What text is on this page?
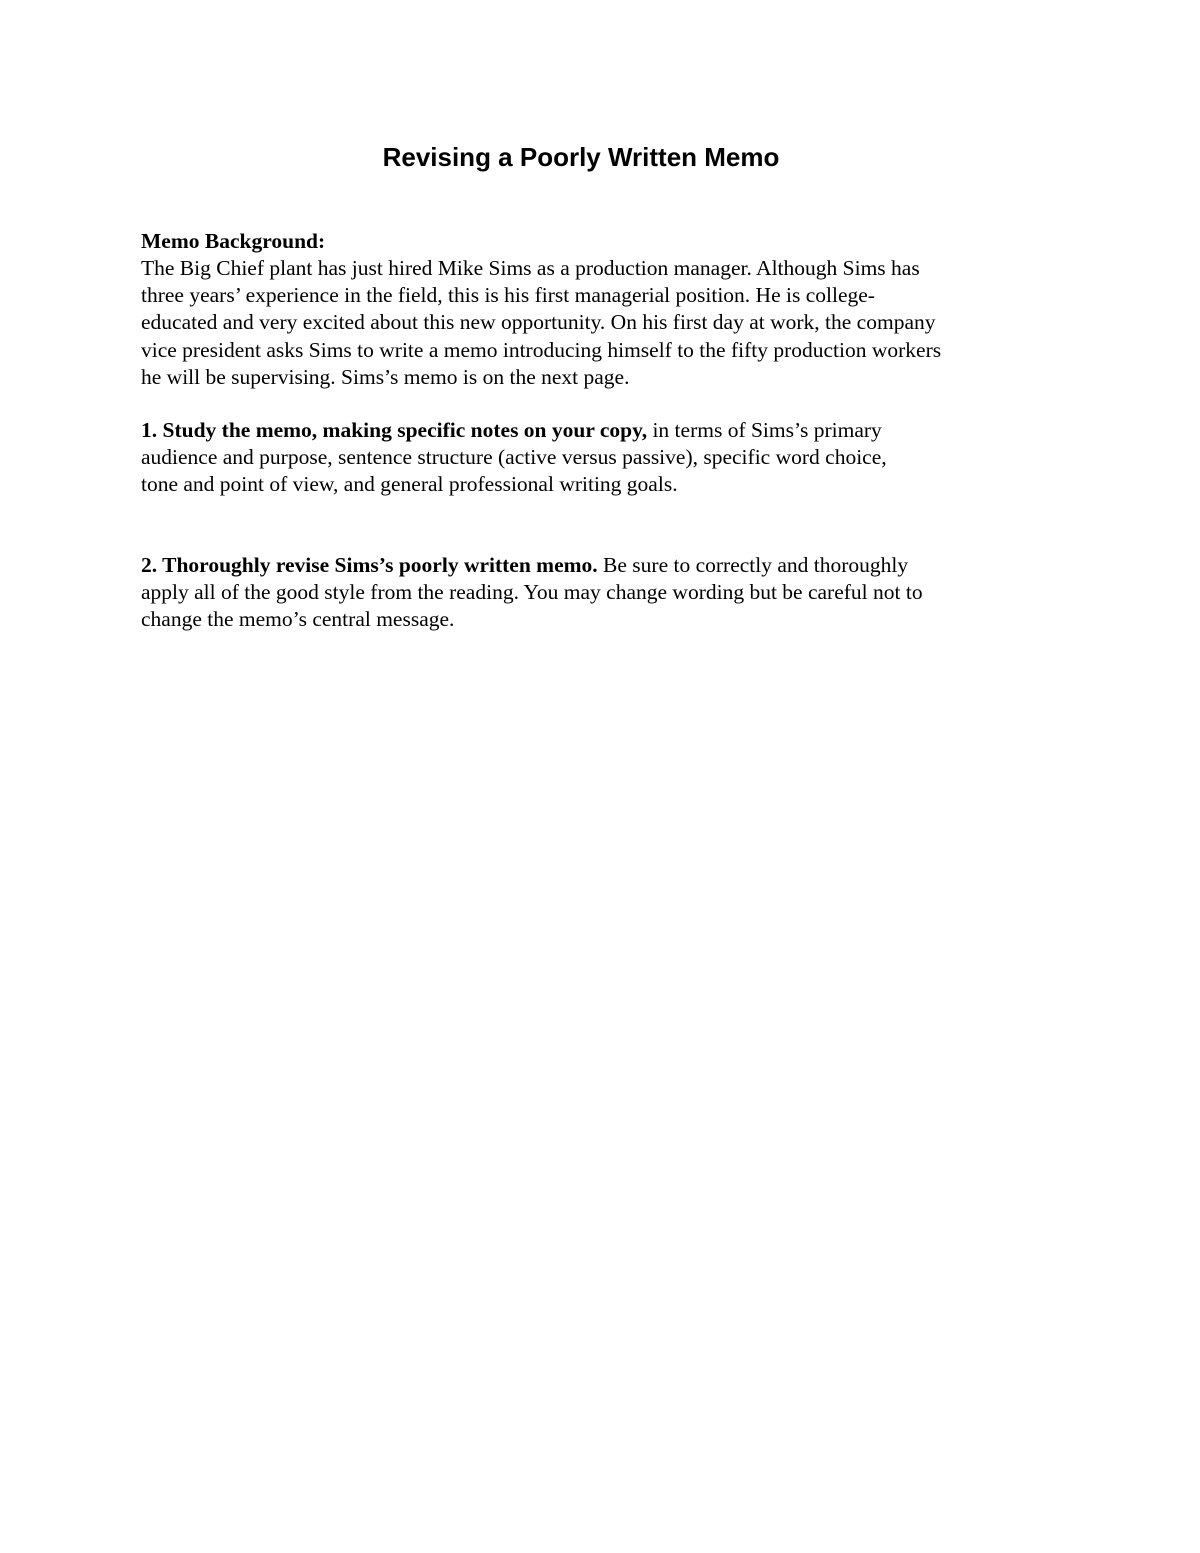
Revising a Poorly Written Memo

Memo Background:

The Big Chief plant has just hired Mike Sims as a production manager. Although Sims has
three years’ experience in the field, this is his first managerial position. He is college-
educated and very excited about this new opportunity. On his first day at work, the company
vice president asks Sims to write a memo introducing himself to the fifty production workers
he will be supervising. Sims’s memo is on the next page.
1. Study the memo, making specific notes on your copy, in terms of Sims’s primary
audience and purpose, sentence structure (active versus passive), specific word choice,
tone and point of view, and general professional writing goals.
2. Thoroughly revise Sims’s poorly written memo. Be sure to correctly and thoroughly
apply all of the good style from the reading. You may change wording but be careful not to
change the memo’s central message.
